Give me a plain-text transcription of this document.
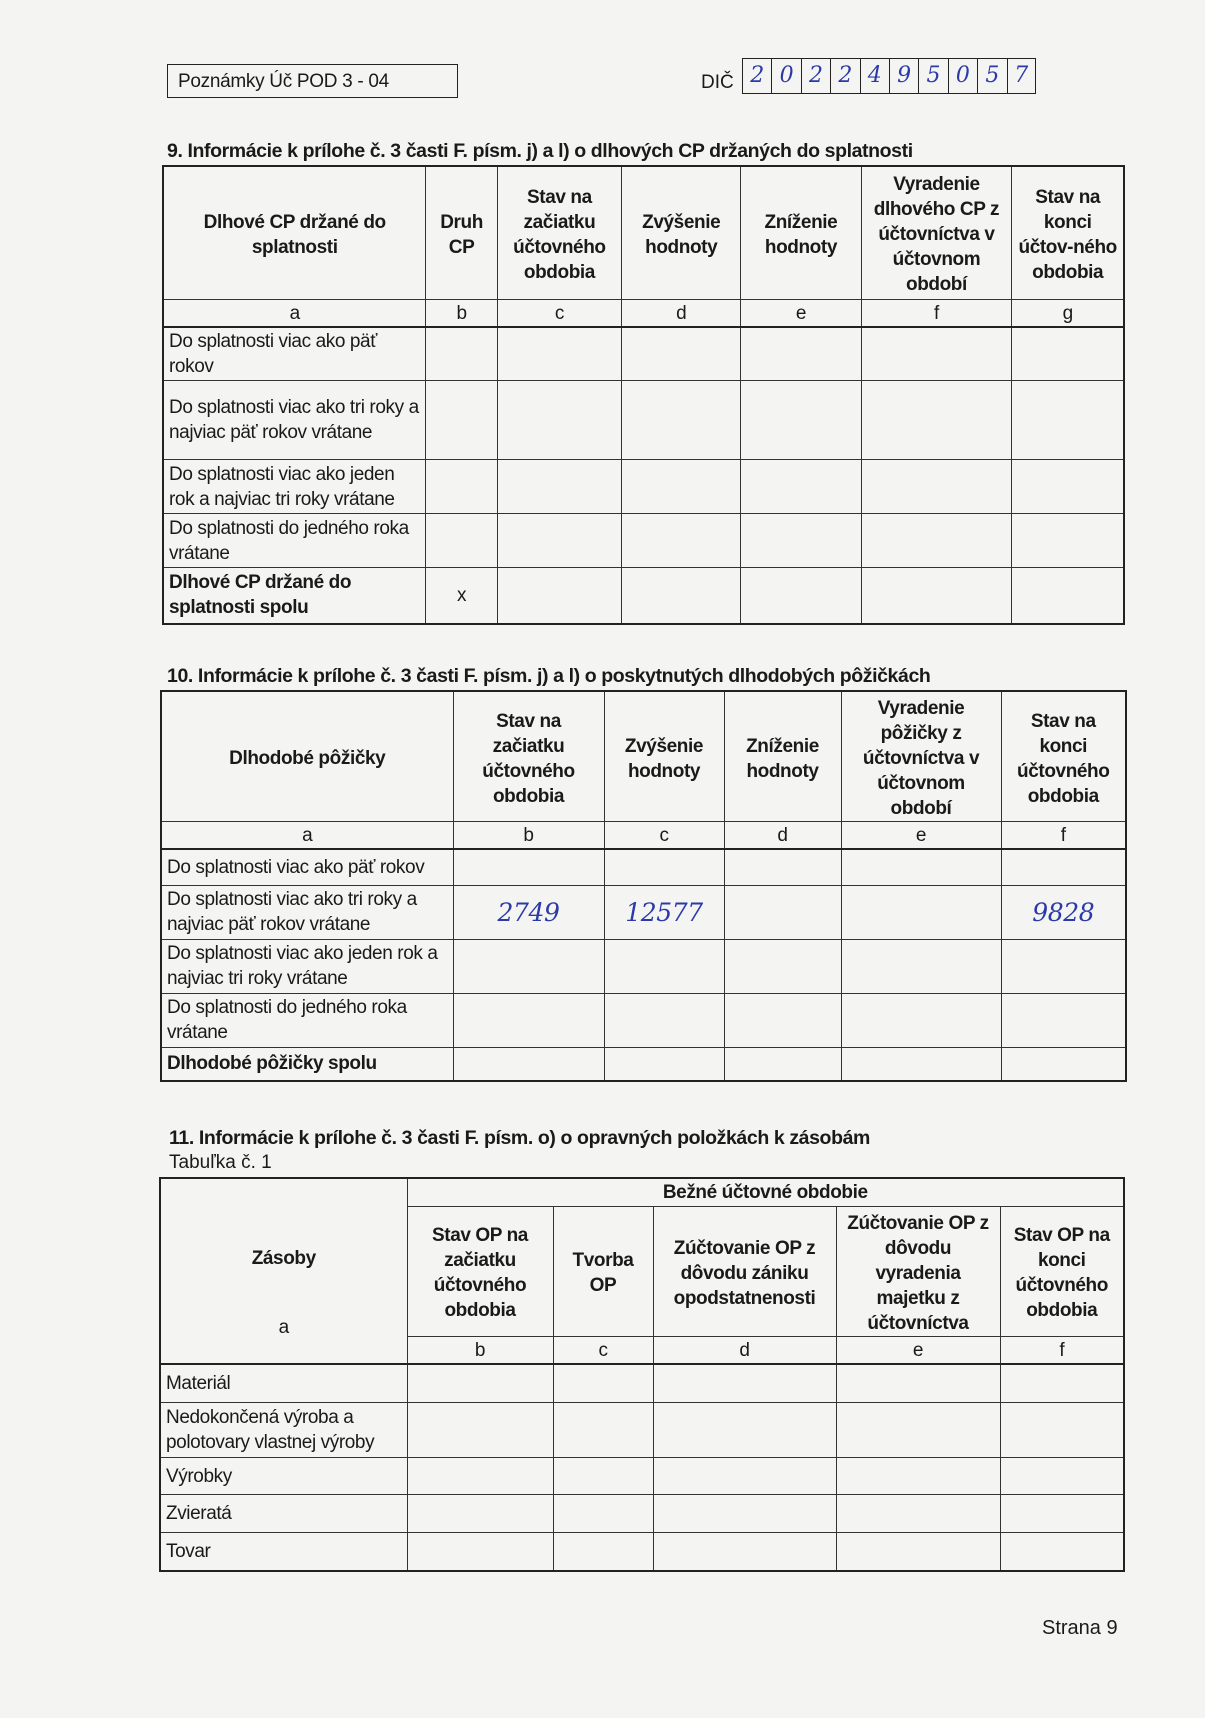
Poznámky Úč POD 3 - 04	DIČ 2 0 2 2 4 9 5 0 5 7
9. Informácie k prílohe č. 3 časti F. písm. j) a l) o dlhových CP držaných do splatnosti
Dlhové CP držané do splatnosti	Druh CP	Stav na začiatku účtovného obdobia	Zvýšenie hodnoty	Zníženie hodnoty	Vyradenie dlhového CP z účtovníctva v účtovnom období	Stav na konci účtov-ného obdobia
a	b	c	d	e	f	g
Do splatnosti viac ako päť rokov						
Do splatnosti viac ako tri roky a najviac päť rokov vrátane						
Do splatnosti viac ako jeden rok a najviac tri roky vrátane						
Do splatnosti do jedného roka vrátane						
Dlhové CP držané do splatnosti spolu	x					
10. Informácie k prílohe č. 3 časti F. písm. j) a l) o poskytnutých dlhodobých pôžičkách
Dlhodobé pôžičky	Stav na začiatku účtovného obdobia	Zvýšenie hodnoty	Zníženie hodnoty	Vyradenie pôžičky z účtovníctva v účtovnom období	Stav na konci účtovného obdobia
a	b	c	d	e	f
Do splatnosti viac ako päť rokov					
Do splatnosti viac ako tri roky a najviac päť rokov vrátane	2749	12577			9828
Do splatnosti viac ako jeden rok a najviac tri roky vrátane					
Do splatnosti do jedného roka vrátane					
Dlhodobé pôžičky spolu					
11. Informácie k prílohe č. 3 časti F. písm. o) o opravných položkách k zásobám
Tabuľka č. 1
Zásoby
a	Bežné účtovné obdobie				
	Stav OP na začiatku účtovného obdobia	Tvorba OP	Zúčtovanie OP z dôvodu zániku opodstatnenosti	Zúčtovanie OP z dôvodu vyradenia majetku z účtovníctva	Stav OP na konci účtovného obdobia
	b	c	d	e	f
Materiál					
Nedokončená výroba a polotovary vlastnej výroby					
Výrobky					
Zvieratá					
Tovar					
Strana 9
